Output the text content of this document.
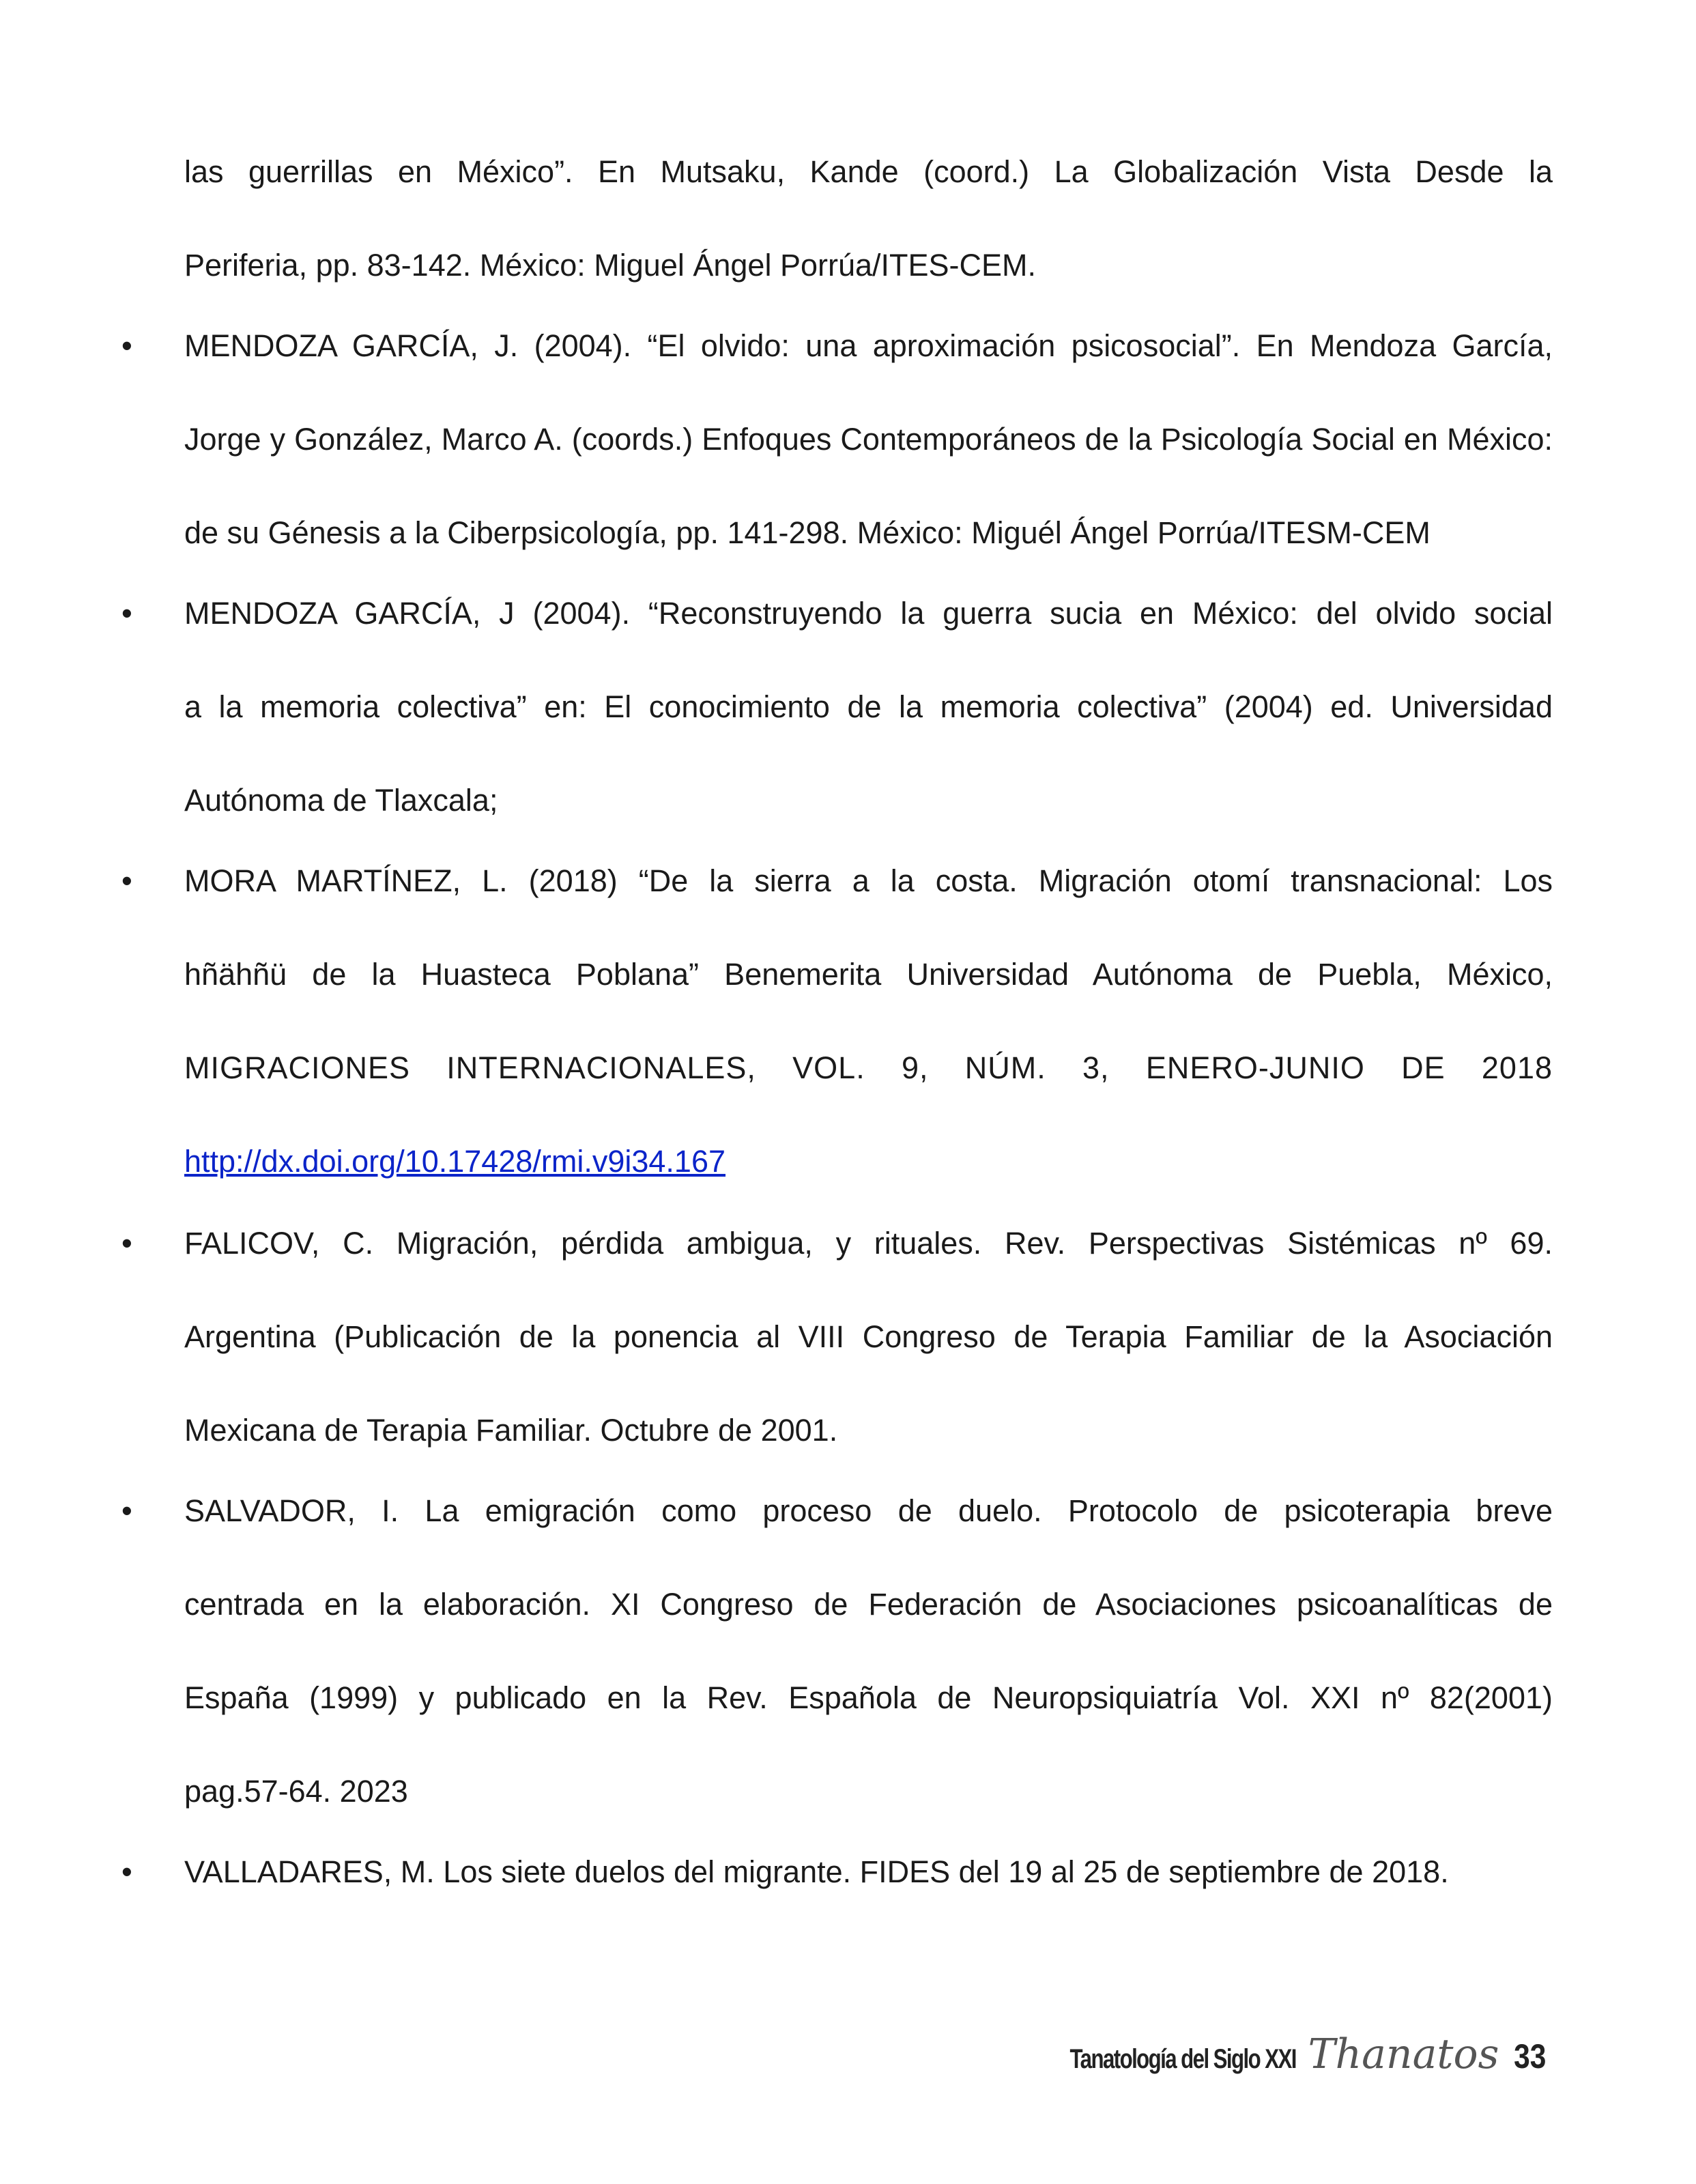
las guerrillas en México”. En Mutsaku, Kande (coord.) La Globalización Vista Desde la
Periferia, pp. 83-142. México: Miguel Ángel Porrúa/ITES-CEM.
• MENDOZA GARCÍA, J. (2004). “El olvido: una aproximación psicosocial”. En Mendoza García,
Jorge y González, Marco A. (coords.) Enfoques Contemporáneos de la Psicología Social en México:
de su Génesis a la Ciberpsicología, pp. 141-298. México: Miguél Ángel Porrúa/ITESM-CEM
• MENDOZA GARCÍA, J (2004). “Reconstruyendo la guerra sucia en México: del olvido social
a la memoria colectiva” en: El conocimiento de la memoria colectiva” (2004) ed. Universidad
Autónoma de Tlaxcala;
• MORA MARTÍNEZ, L. (2018) “De la sierra a la costa. Migración otomí transnacional: Los
hñähñü de la Huasteca Poblana” Benemerita Universidad Autónoma de Puebla, México,
MIGRACIONES INTERNACIONALES, VOL. 9, NÚM. 3, ENERO-JUNIO DE 2018
http://dx.doi.org/10.17428/rmi.v9i34.167
• FALICOV, C. Migración, pérdida ambigua, y rituales. Rev. Perspectivas Sistémicas nº 69.
Argentina (Publicación de la ponencia al VIII Congreso de Terapia Familiar de la Asociación
Mexicana de Terapia Familiar. Octubre de 2001.
• SALVADOR, I. La emigración como proceso de duelo. Protocolo de psicoterapia breve
centrada en la elaboración. XI Congreso de Federación de Asociaciones psicoanalíticas de
España (1999) y publicado en la Rev. Española de Neuropsiquiatría Vol. XXI nº 82(2001)
pag.57-64. 2023
• VALLADARES, M. Los siete duelos del migrante. FIDES del 19 al 25 de septiembre de 2018.
Tanatología del Siglo XXI Thanatos 33
